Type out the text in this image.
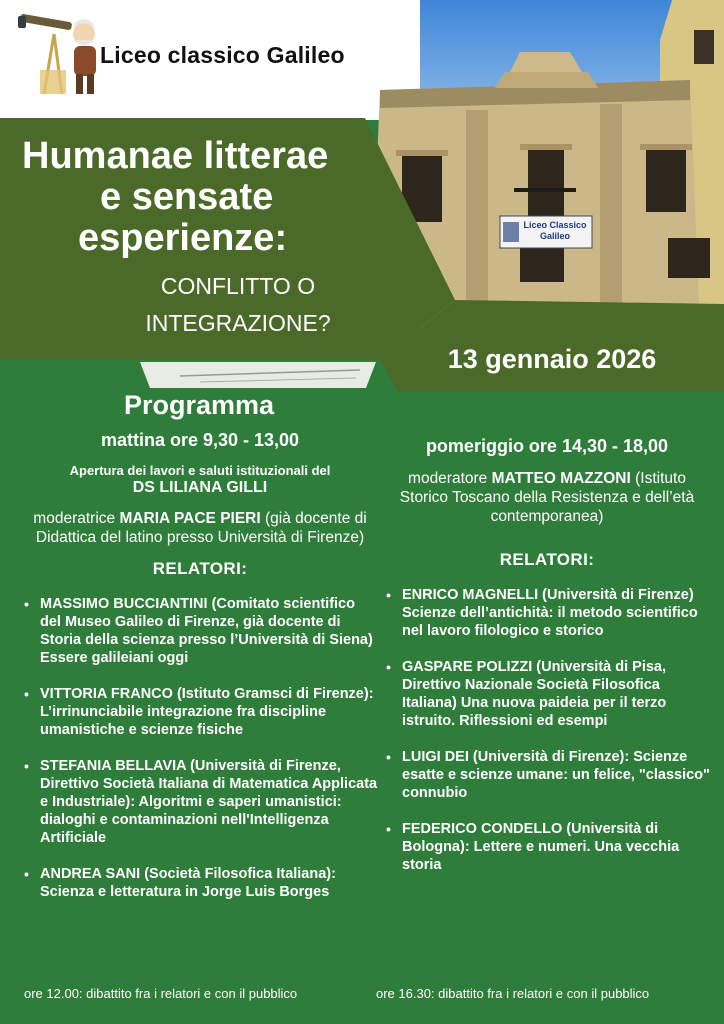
Liceo Classico Galileo
Liceo classico Galileo
Humanae litterae
e sensate
esperienze:
CONFLITTO O
INTEGRAZIONE?
13 gennaio 2026
Programma
mattina ore 9,30 - 13,00
Apertura dei lavori e saluti istituzionali del
DS LILIANA GILLI
moderatrice MARIA PACE PIERI (già docente di Didattica del latino presso Università di Firenze)
RELATORI:
• MASSIMO BUCCIANTINI (Comitato scientifico del Museo Galileo di Firenze, già docente di Storia della scienza presso l’Università di Siena) Essere galileiani oggi
• VITTORIA FRANCO (Istituto Gramsci di Firenze): L’irrinunciabile integrazione fra discipline umanistiche e scienze fisiche
• STEFANIA BELLAVIA (Università di Firenze, Direttivo Società Italiana di Matematica Applicata e Industriale): Algoritmi e saperi umanistici: dialoghi e contaminazioni nell'Intelligenza Artificiale
• ANDREA SANI (Società Filosofica Italiana): Scienza e letteratura in Jorge Luis Borges
pomeriggio ore 14,30 - 18,00
moderatore MATTEO MAZZONI (Istituto Storico Toscano della Resistenza e dell’età contemporanea)
RELATORI:
• ENRICO MAGNELLI (Università di Firenze) Scienze dell’antichità: il metodo scientifico nel lavoro filologico e storico
• GASPARE POLIZZI (Università di Pisa, Direttivo Nazionale Società Filosofica Italiana) Una nuova paideia per il terzo istruito. Riflessioni ed esempi
• LUIGI DEI (Università di Firenze): Scienze esatte e scienze umane: un felice, "classico" connubio
• FEDERICO CONDELLO (Università di Bologna): Lettere e numeri. Una vecchia storia
ore 12.00: dibattito fra i relatori e con il pubblico	ore 16.30: dibattito fra i relatori e con il pubblico
